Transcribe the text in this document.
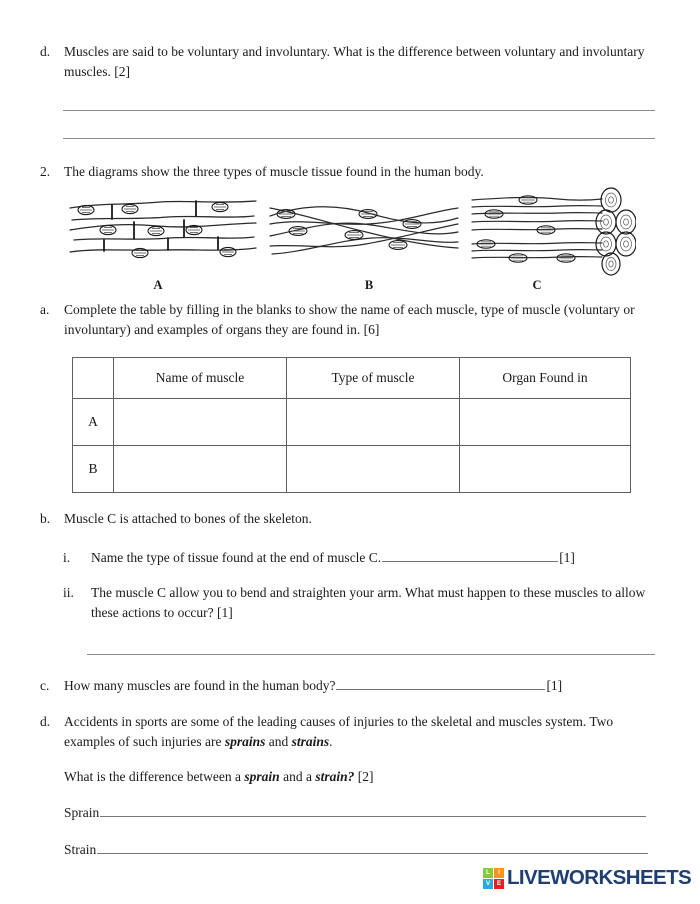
d.	Muscles are said to be voluntary and involuntary. What is the difference between voluntary and involuntary muscles. [2]
2.	The diagrams show the three types of muscle tissue found in the human body.
A	B	C
a.	Complete the table by filling in the blanks to show the name of each muscle, type of muscle (voluntary or involuntary) and examples of organs they are found in. [6]
	Name of muscle	Type of muscle	Organ Found in
A			
B			
b.	Muscle C is attached to bones of the skeleton.
i.	Name the type of tissue found at the end of muscle C.	[1]
ii.	The muscle C allow you to bend and straighten your arm. What must happen to these muscles to allow these actions to occur? [1]
c.	How many muscles are found in the human body?	[1]
d.	Accidents in sports are some of the leading causes of injuries to the skeletal and muscles system. Two examples of such injuries are sprains and strains.
What is the difference between a sprain and a strain? [2]
Sprain
Strain
L	I
V	E LIVEWORKSHEETS
